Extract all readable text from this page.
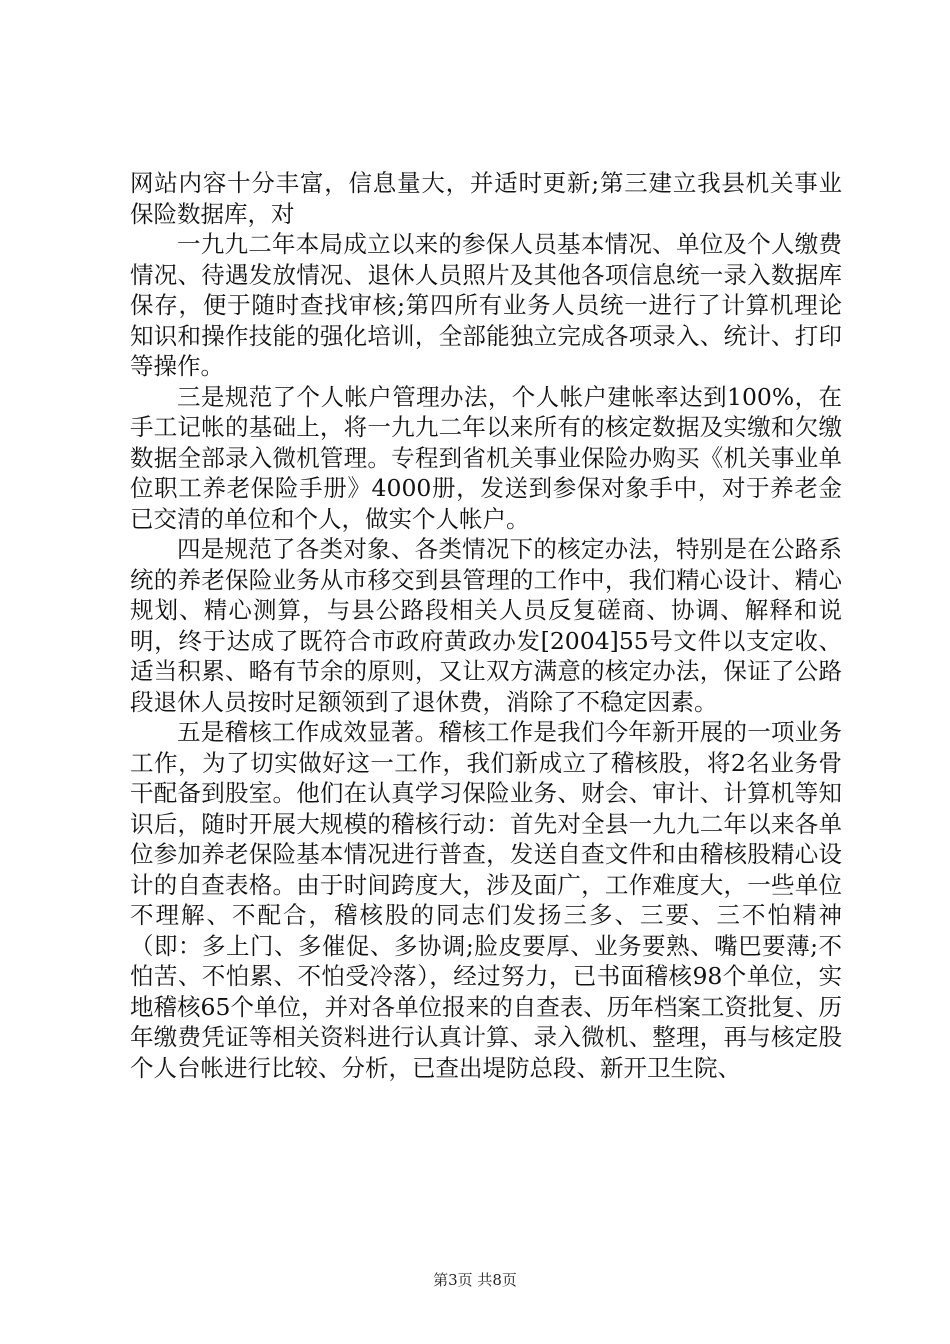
网站内容十分丰富，信息量大，并适时更新;第三建立我县机关事业保险数据库，对

一九九二年本局成立以来的参保人员基本情况、单位及个人缴费情况、待遇发放情况、退休人员照片及其他各项信息统一录入数据库保存，便于随时查找审核;第四所有业务人员统一进行了计算机理论知识和操作技能的强化培训，全部能独立完成各项录入、统计、打印等操作。

三是规范了个人帐户管理办法，个人帐户建帐率达到100%，在手工记帐的基础上，将一九九二年以来所有的核定数据及实缴和欠缴数据全部录入微机管理。专程到省机关事业保险办购买《机关事业单位职工养老保险手册》4000册，发送到参保对象手中，对于养老金已交清的单位和个人，做实个人帐户。

四是规范了各类对象、各类情况下的核定办法，特别是在公路系统的养老保险业务从市移交到县管理的工作中，我们精心设计、精心规划、精心测算，与县公路段相关人员反复磋商、协调、解释和说明，终于达成了既符合市政府黄政办发[2004]55号文件以支定收、适当积累、略有节余的原则，又让双方满意的核定办法，保证了公路段退休人员按时足额领到了退休费，消除了不稳定因素。

五是稽核工作成效显著。稽核工作是我们今年新开展的一项业务工作，为了切实做好这一工作，我们新成立了稽核股，将2名业务骨干配备到股室。他们在认真学习保险业务、财会、审计、计算机等知识后，随时开展大规模的稽核行动：首先对全县一九九二年以来各单位参加养老保险基本情况进行普查，发送自查文件和由稽核股精心设计的自查表格。由于时间跨度大，涉及面广，工作难度大，一些单位不理解、不配合，稽核股的同志们发扬三多、三要、三不怕精神（即：多上门、多催促、多协调;脸皮要厚、业务要熟、嘴巴要薄;不怕苦、不怕累、不怕受冷落），经过努力，已书面稽核98个单位，实地稽核65个单位，并对各单位报来的自查表、历年档案工资批复、历年缴费凭证等相关资料进行认真计算、录入微机、整理，再与核定股个人台帐进行比较、分析，已查出堤防总段、新开卫生院、

第3页 共8页
